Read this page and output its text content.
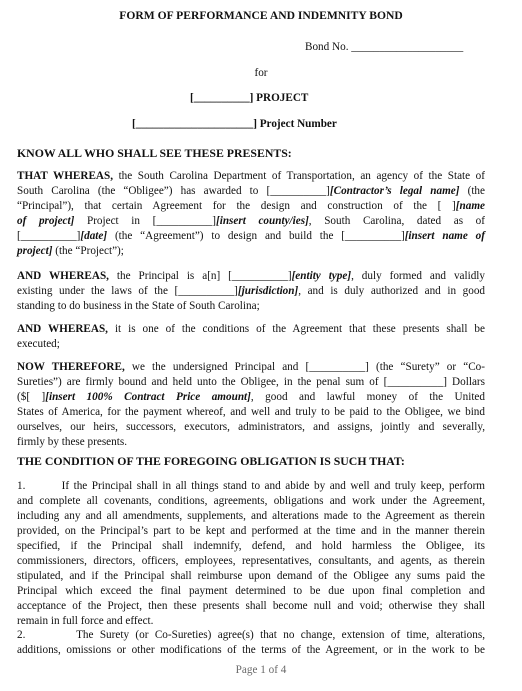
FORM OF PERFORMANCE AND INDEMNITY BOND
Bond No. ____________________
for
[__________] PROJECT
[_____________________] Project Number
KNOW ALL WHO SHALL SEE THESE PRESENTS:
THAT WHEREAS, the South Carolina Department of Transportation, an agency of the State of
South Carolina (the “Obligee”) has awarded to [__________][Contractor’s legal name] (the
“Principal”), that certain Agreement for the design and construction of the [ ][name
of project] Project in [__________][insert county/ies], South Carolina, dated as of
[__________][date] (the “Agreement”) to design and build the [__________][insert name of
project] (the “Project”);
AND WHEREAS, the Principal is a[n] [__________][entity type], duly formed and validly
existing under the laws of the [__________][jurisdiction], and is duly authorized and in good
standing to do business in the State of South Carolina;
AND WHEREAS, it is one of the conditions of the Agreement that these presents shall be
executed;
NOW THEREFORE, we the undersigned Principal and [__________] (the “Surety” or “Co-
Sureties”) are firmly bound and held unto the Obligee, in the penal sum of [__________] Dollars
($[ ][insert 100% Contract Price amount], good and lawful money of the United
States of America, for the payment whereof, and well and truly to be paid to the Obligee, we bind
ourselves, our heirs, successors, executors, administrators, and assigns, jointly and severally,
firmly by these presents.
THE CONDITION OF THE FOREGOING OBLIGATION IS SUCH THAT:
1.        If the Principal shall in all things stand to and abide by and well and truly keep, perform
and complete all covenants, conditions, agreements, obligations and work under the Agreement,
including any and all amendments, supplements, and alterations made to the Agreement as therein
provided, on the Principal’s part to be kept and performed at the time and in the manner therein
specified, if the Principal shall indemnify, defend, and hold harmless the Obligee, its
commissioners, directors, officers, employees, representatives, consultants, and agents, as therein
stipulated, and if the Principal shall reimburse upon demand of the Obligee any sums paid the
Principal which exceed the final payment determined to be due upon final completion and
acceptance of the Project, then these presents shall become null and void; otherwise they shall
remain in full force and effect.
2.        The Surety (or Co-Sureties) agree(s) that no change, extension of time, alterations,
additions, omissions or other modifications of the terms of the Agreement, or in the work to be
Page 1 of 4
